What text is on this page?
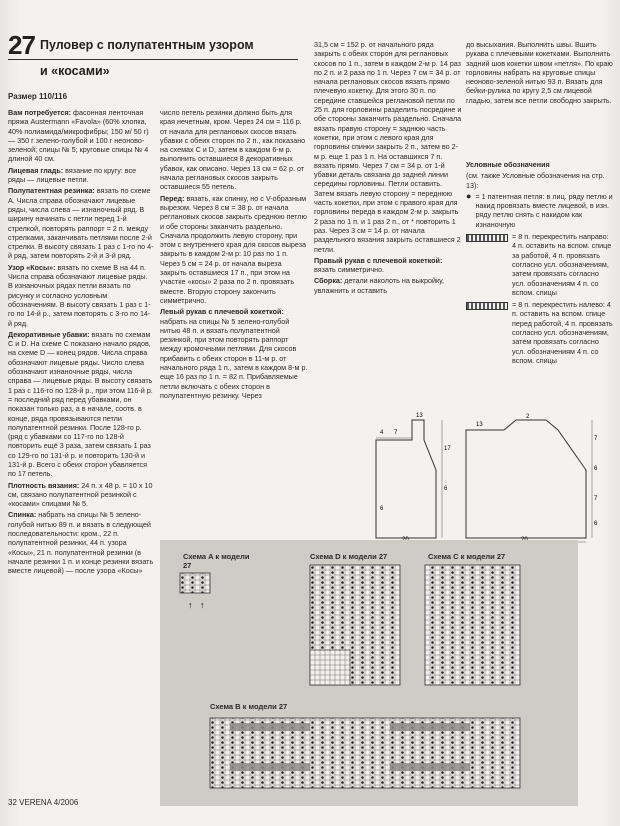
27 Пуловер с полупатентным узором
и «косами»
Размер 110/116

Вам потребуется: фасонная ленточная пряжа Austermann «Favola» (60% хлопка, 40% полиамида/микрофибры; 150 м/ 50 г) — 350 г зелено-голубой и 100 г неоново-зеленой; спицы № 5; круговые спицы № 4 длиной 40 см.

Лицевая гладь: вязание по кругу: все ряды — лицевые петли.

Полупатентная резинка: вязать по схеме A. Числа справа обозначают лицевые ряды, числа слева — изнаночный ряд. В ширину начинать с петли перед 1-й стрелкой, повторять раппорт = 2 п. между стрелками, заканчивать петлями после 2-й стрелки. В высоту связать 1 раз с 1-го по 4-й ряд, затем повторять 2-й и 3-й ряд.

Узор «Косы»: вязать по схеме B на 44 п. Числа справа обозначают лицевые ряды. В изнаночных рядах петли вязать по рисунку и согласно условным обозначениям. В высоту связать 1 раз с 1-го по 14-й р., затем повторять с 3-го по 14-й ряд.

Декоративные убавки: вязать по схемам C и D. На схеме C показано начало рядов, на схеме D — конец рядов. Числа справа обозначают лицевые ряды. Число слева обозначают изнаночные ряды, числа справа — лицевые ряды. В высоту связать 1 раз с 116-го по 128-й р., при этом 116-й р. = последний ряд перед убавками, он показан только раз, а в начале, соотв. в конце, ряда провязываются петли полупатентной резинки. После 128-го р. (ряд с убавками со 117-го по 128-й повторить ещё 3 раза, затем связать 1 раз со 129-го по 131-й р. и повторить 130-й и 131-й р. Всего с обеих сторон убавляется по 17 петель.

Плотность вязания: 24 п. x 48 р. = 10 x 10 см, связано полупатентной резинкой с «косами» спицами № 5.

Спинка: набрать на спицы № 5 зелено-голубой нитью 89 п. и вязать в следующей последовательности: кром., 22 п. полупатентной резинки, 44 п. узора «Косы», 21 п. полупатентной резинки (в начале резинки 1 п. и конце резинки вязать вместе лицевой) — после узора «Косы»

число петель резинки должно быть для края нечетным, кром. Через 24 см = 116 р. от начала для реглановых скосов вязать убавки с обеих сторон по 2 п., как показано на схемах C и D, затем в каждом 6-м р. выполнить оставшиеся 8 декоративных убавок, как описано. Через 13 см = 62 р. от начала реглановых скосов закрыть оставшиеся 55 петель.

Перед: вязать, как спинку, но с V-образным вырезом. Через 8 см = 38 р. от начала реглановых скосов закрыть среднюю петлю и обе стороны заканчить раздельно. Сначала продолжить левую сторону, при этом с внутреннего края для скосов выреза закрыть в каждом 2-м р: 10 раз по 1 п. Через 5 см = 24 р. от начала выреза закрыть оставшиеся 17 п., при этом на участке «косы» 2 раза по 2 п. провязать вместе. Вторую сторону закончить симметрично.

Левый рукав с плечевой кокеткой: набрать на спицы № 5 зелено-голубой нитью 48 п. и вязать полупатентной резинкой, при этом повторять раппорт между кромочными петлями. Для скосов прибавить с обеих сторон в 11-м р. от начального ряда 1 п., затем в каждом 8-м р. еще 16 раз по 1 п. = 82 п. Прибавляемые петли включать с обеих сторон в полупатентную резинку. Через

31,5 см = 152 р. от начального ряда закрыть с обеих сторон для реглановых скосов по 1 п., затем в каждом 2-м р. 14 раз по 2 п. и 2 раза по 1 п. Через 7 см = 34 р. от начала реглановых скосов вязать прямо плечевую кокетку. Для этого 30 п. по середине ставшейся реглановой петли по 25 п. для горловины разделить посредине и обе стороны заканчить раздельно. Сначала вязать правую сторону = заднюю часть кокетки, при этом с левого края для горловины спинки закрыть 2 п., затем во 2-м р. еще 1 раз 1 п. На оставшихся 7 п. вязать прямо. Через 7 см = 34 р. от 1-й убавки деталь связана до задней линии середины горловины. Петли оставить. Затем вязать левую сторону = переднюю часть кокетки, при этом с правого края для горловины переда в каждом 2-м р. закрыть 2 раза по 1 п. и 1 раз 2 п., от * повторить 1 раз. Через 3 см = 14 р. от начала раздельного вязания закрыть оставшиеся 2 петли.

Правый рукав с плечевой кокеткой: вязать симметрично.

Сборка: детали наколоть на выкройку, увлажнить и оставить

до высыхания. Выполнить швы. Вшить рукава с плечевыми кокетками. Выполнить задний шов кокетки швом «петля». По краю горловины набрать на круговые спицы неоново-зеленой нитью 93 п. Вязать для бейки-рулика по кругу 2,5 см лицевой гладью, затем все петли свободно закрыть.

Условные обозначения

(см. также Условные обозначения на стр. 13):

● = 1 патентная петля: в лиц. ряду петлю и накид провязать вместе лицевой, в изн. ряду петлю снять с накидом как изнаночную
= 8 п. перекрестить направо: 4 п. оставить на вспом. спице за работой, 4 п. провязать согласно усл. обозначениям, затем провязать согласно усл. обозначениям 4 п. со вспом. спицы
= 8 п. перекрестить налево: 4 п. оставить на вспом. спице перед работой, 4 п. провязать согласно усл. обозначениям, затем провязать согласно усл. обозначениям 4 п. со вспом. спицы
4 7
13
17
6
6
13
2
7
6
7
6
Схема A к модели 27
Схема D к модели 27	Схема C к модели 27
Схема B к модели 27
↑ ↑
32 VERENA 4/2006
